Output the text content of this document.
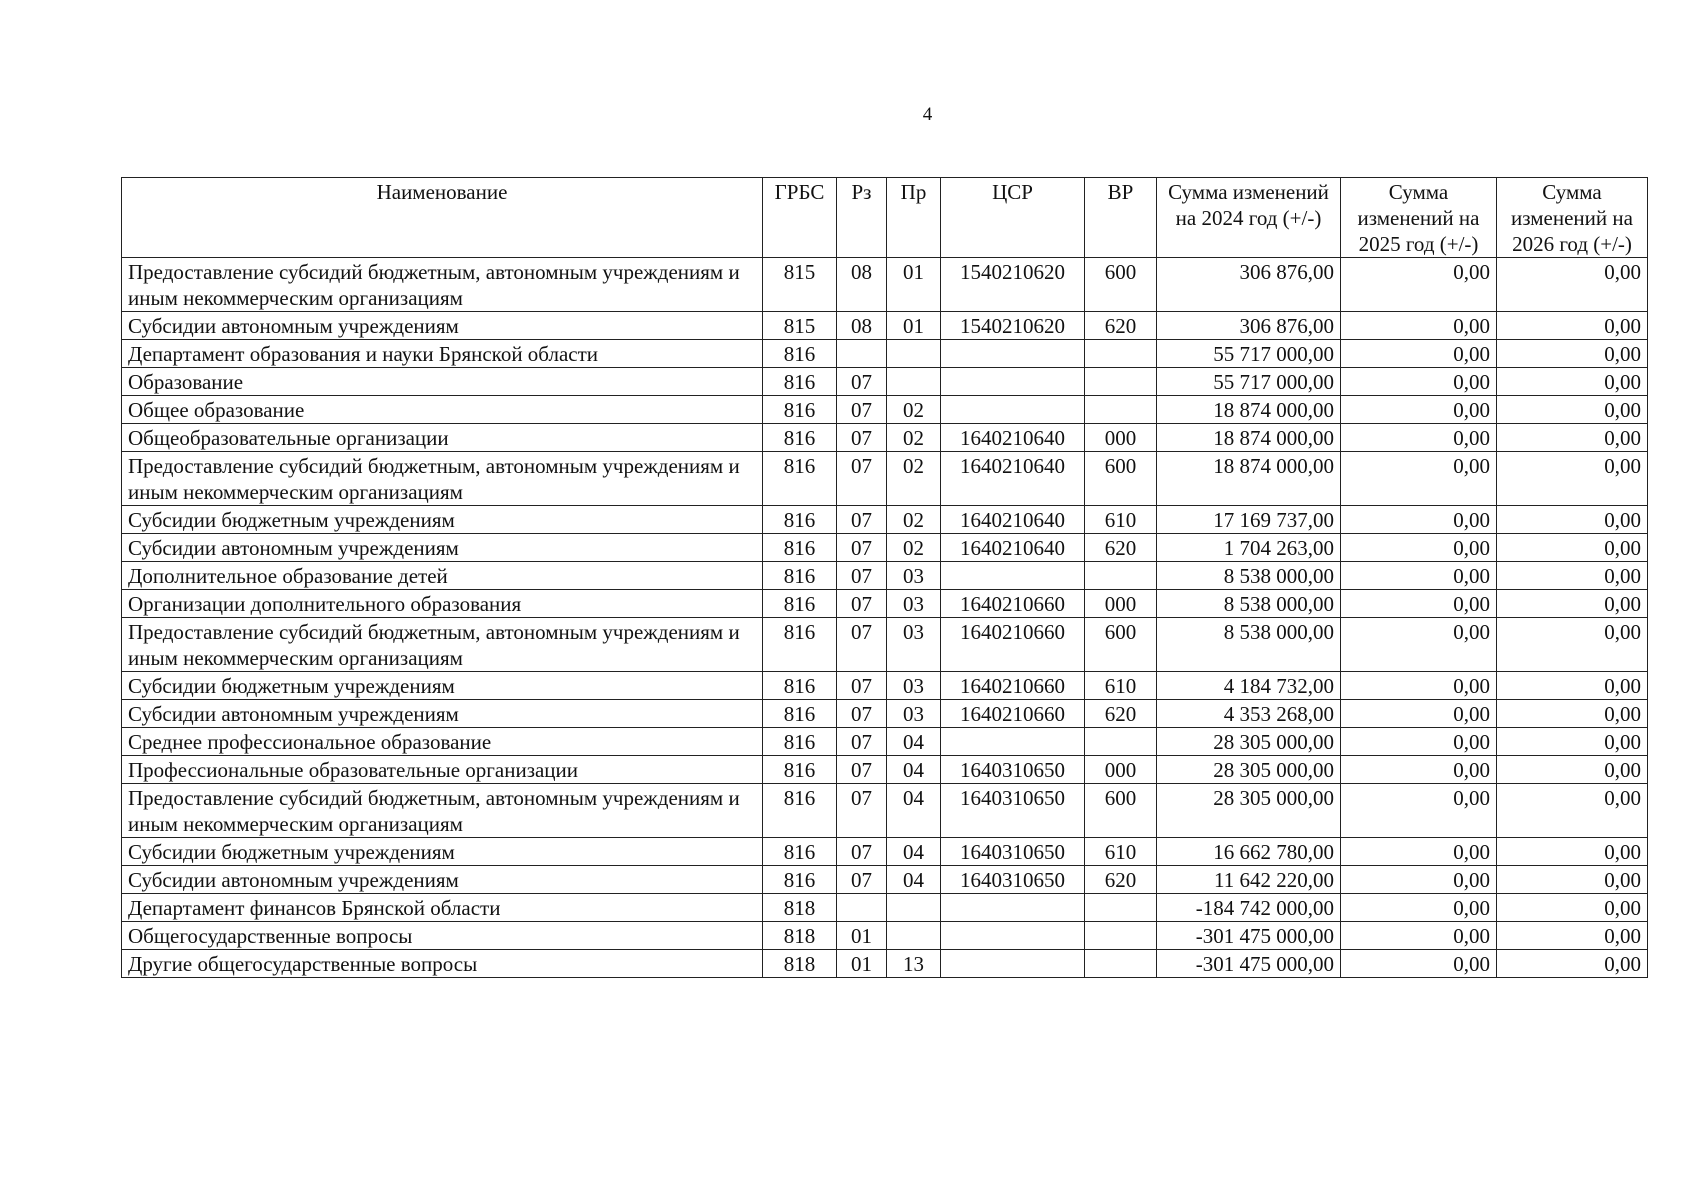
4
Наименование	ГРБС	Рз	Пр	ЦСР	ВР	Сумма изменений на 2024 год (+/-)	Сумма изменений на 2025 год (+/-)	Сумма изменений на 2026 год (+/-)
Предоставление субсидий бюджетным, автономным учреждениям и иным некоммерческим организациям	815	08	01	1540210620	600	306 876,00	0,00	0,00
Субсидии автономным учреждениям	815	08	01	1540210620	620	306 876,00	0,00	0,00
Департамент образования и науки Брянской области	816					55 717 000,00	0,00	0,00
Образование	816	07				55 717 000,00	0,00	0,00
Общее образование	816	07	02			18 874 000,00	0,00	0,00
Общеобразовательные организации	816	07	02	1640210640	000	18 874 000,00	0,00	0,00
Предоставление субсидий бюджетным, автономным учреждениям и иным некоммерческим организациям	816	07	02	1640210640	600	18 874 000,00	0,00	0,00
Субсидии бюджетным учреждениям	816	07	02	1640210640	610	17 169 737,00	0,00	0,00
Субсидии автономным учреждениям	816	07	02	1640210640	620	1 704 263,00	0,00	0,00
Дополнительное образование детей	816	07	03			8 538 000,00	0,00	0,00
Организации дополнительного образования	816	07	03	1640210660	000	8 538 000,00	0,00	0,00
Предоставление субсидий бюджетным, автономным учреждениям и иным некоммерческим организациям	816	07	03	1640210660	600	8 538 000,00	0,00	0,00
Субсидии бюджетным учреждениям	816	07	03	1640210660	610	4 184 732,00	0,00	0,00
Субсидии автономным учреждениям	816	07	03	1640210660	620	4 353 268,00	0,00	0,00
Среднее профессиональное образование	816	07	04			28 305 000,00	0,00	0,00
Профессиональные образовательные организации	816	07	04	1640310650	000	28 305 000,00	0,00	0,00
Предоставление субсидий бюджетным, автономным учреждениям и иным некоммерческим организациям	816	07	04	1640310650	600	28 305 000,00	0,00	0,00
Субсидии бюджетным учреждениям	816	07	04	1640310650	610	16 662 780,00	0,00	0,00
Субсидии автономным учреждениям	816	07	04	1640310650	620	11 642 220,00	0,00	0,00
Департамент финансов Брянской области	818					-184 742 000,00	0,00	0,00
Общегосударственные вопросы	818	01				-301 475 000,00	0,00	0,00
Другие общегосударственные вопросы	818	01	13			-301 475 000,00	0,00	0,00
